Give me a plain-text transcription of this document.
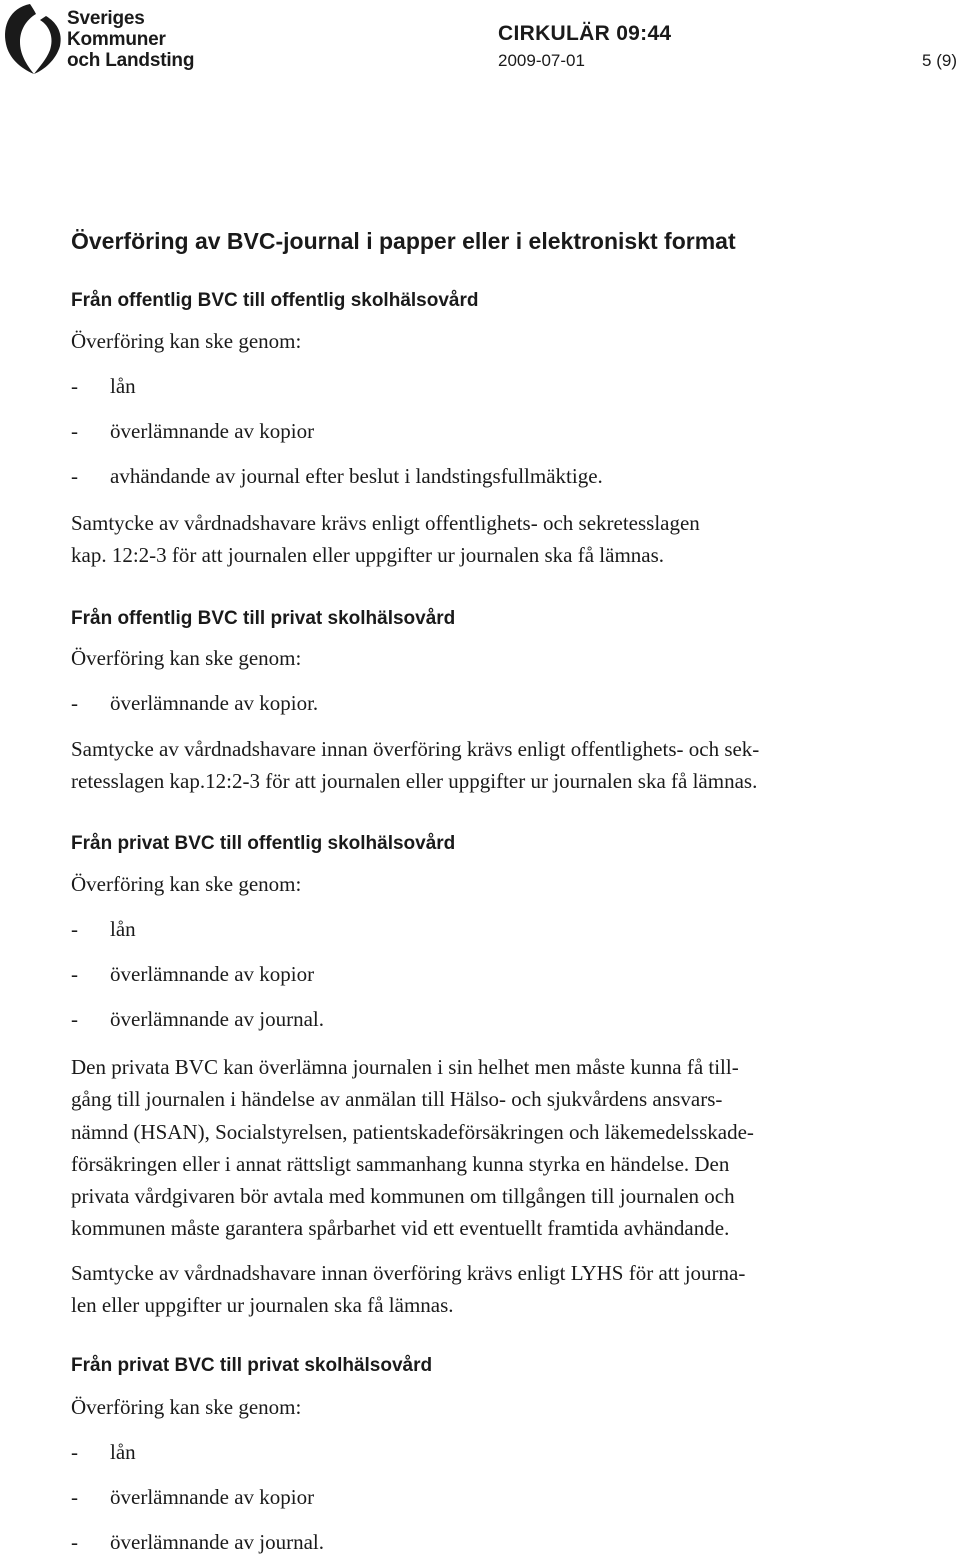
Sveriges
Kommuner
och Landsting
CIRKULÄR 09:44
2009-07-01	5 (9)
Överföring av BVC-journal i papper eller i elektroniskt format
Från offentlig BVC till offentlig skolhälsovård
Överföring kan ske genom:
- lån
- överlämnande av kopior
- avhändande av journal efter beslut i landstingsfullmäktige.
Samtycke av vårdnadshavare krävs enligt offentlighets- och sekretesslagen
kap. 12:2-3 för att journalen eller uppgifter ur journalen ska få lämnas.
Från offentlig BVC till privat skolhälsovård
Överföring kan ske genom:
- överlämnande av kopior.
Samtycke av vårdnadshavare innan överföring krävs enligt offentlighets- och sek-
retesslagen kap.12:2-3 för att journalen eller uppgifter ur journalen ska få lämnas.
Från privat BVC till offentlig skolhälsovård
Överföring kan ske genom:
- lån
- överlämnande av kopior
- överlämnande av journal.
Den privata BVC kan överlämna journalen i sin helhet men måste kunna få till-
gång till journalen i händelse av anmälan till Hälso- och sjukvårdens ansvars-
nämnd (HSAN), Socialstyrelsen, patientskadeförsäkringen och läkemedelsskade-
försäkringen eller i annat rättsligt sammanhang kunna styrka en händelse. Den
privata vårdgivaren bör avtala med kommunen om tillgången till journalen och
kommunen måste garantera spårbarhet vid ett eventuellt framtida avhändande.
Samtycke av vårdnadshavare innan överföring krävs enligt LYHS för att journa-
len eller uppgifter ur journalen ska få lämnas.
Från privat BVC till privat skolhälsovård
Överföring kan ske genom:
- lån
- överlämnande av kopior
- överlämnande av journal.
